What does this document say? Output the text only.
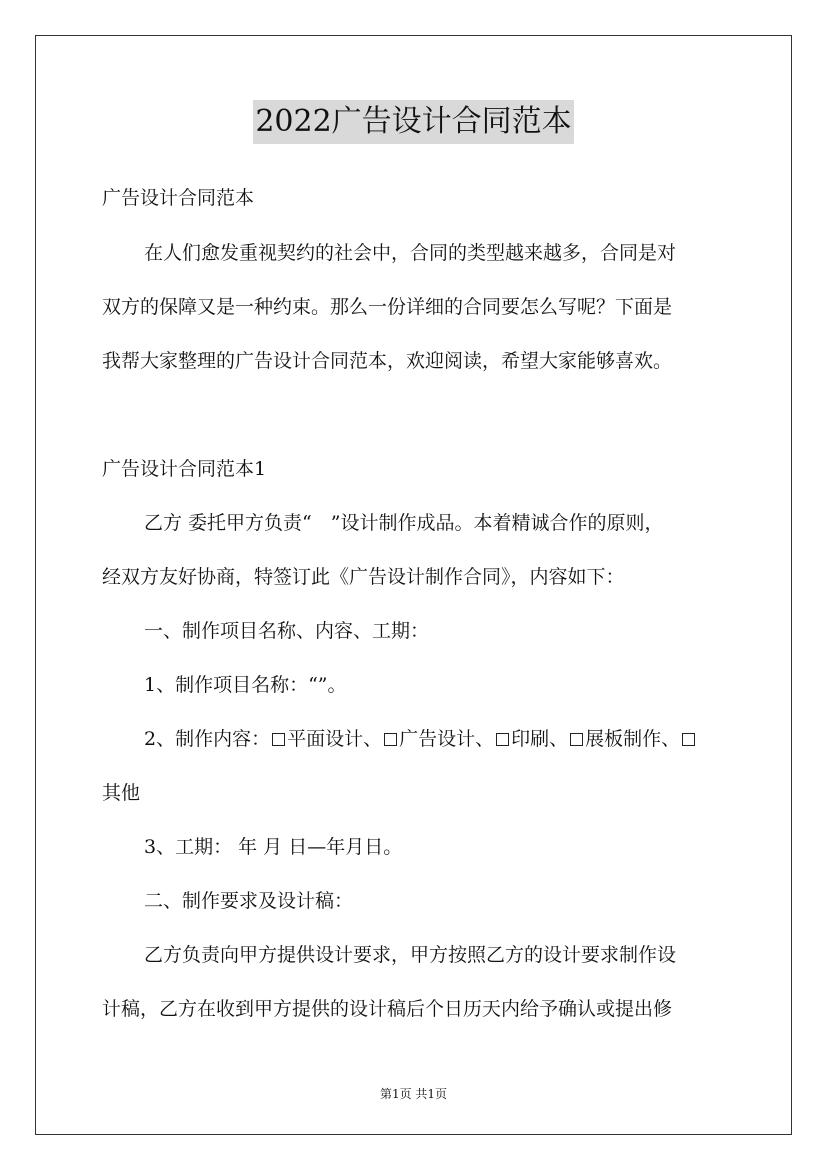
2022广告设计合同范本
广告设计合同范本
在人们愈发重视契约的社会中，合同的类型越来越多，合同是对
双方的保障又是一种约束。那么一份详细的合同要怎么写呢？下面是
我帮大家整理的广告设计合同范本，欢迎阅读，希望大家能够喜欢。
广告设计合同范本1
乙方 委托甲方负责“　”设计制作成品。本着精诚合作的原则，
经双方友好协商，特签订此《广告设计制作合同》，内容如下：
一、制作项目名称、内容、工期：
1、制作项目名称：“”。
2、制作内容： 平面设计、 广告设计、 印刷、 展板制作、
其他
3、工期： 年 月 日—年月日。
二、制作要求及设计稿：
乙方负责向甲方提供设计要求，甲方按照乙方的设计要求制作设
计稿，乙方在收到甲方提供的设计稿后个日历天内给予确认或提出修
第1页 共1页
